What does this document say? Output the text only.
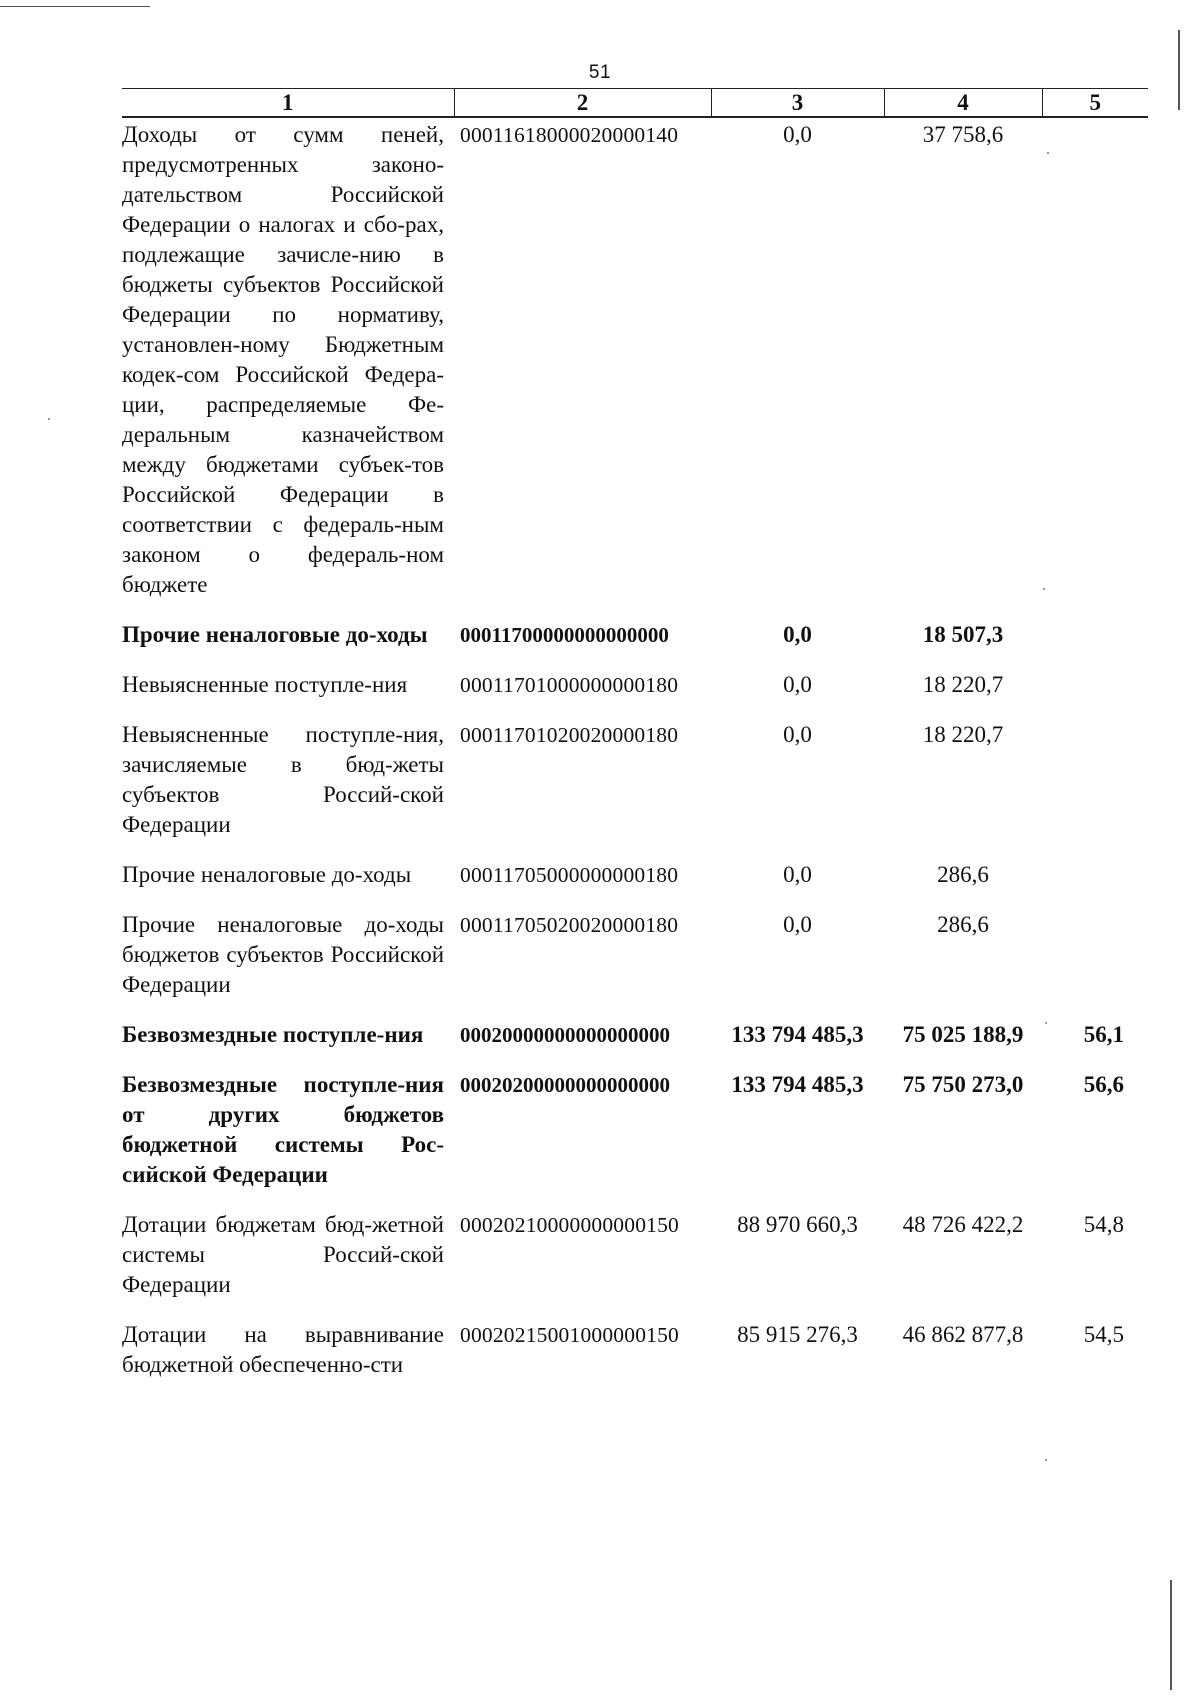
51
1	2	3	4	5
Доходы от сумм пеней, предусмотренных законо-дательством Российской Федерации о налогах и сбо-рах, подлежащие зачисле-нию в бюджеты субъектов Российской Федерации по нормативу, установлен-ному Бюджетным кодек-сом Российской Федера-ции, распределяемые Фе-деральным казначейством между бюджетами субъек-тов Российской Федерации в соответствии с федераль-ным законом о федераль-ном бюджете	00011618000020000140	0,0	37 758,6	
Прочие неналоговые до-ходы	00011700000000000000	0,0	18 507,3	
Невыясненные поступле-ния	00011701000000000180	0,0	18 220,7	
Невыясненные поступле-ния, зачисляемые в бюд-жеты субъектов Россий-ской Федерации	00011701020020000180	0,0	18 220,7	
Прочие неналоговые до-ходы	00011705000000000180	0,0	286,6	
Прочие неналоговые до-ходы бюджетов субъектов Российской Федерации	00011705020020000180	0,0	286,6	
Безвозмездные поступле-ния	00020000000000000000	133 794 485,3	75 025 188,9	56,1
Безвозмездные поступле-ния от других бюджетов бюджетной системы Рос-сийской Федерации	00020200000000000000	133 794 485,3	75 750 273,0	56,6
Дотации бюджетам бюд-жетной системы Россий-ской Федерации	00020210000000000150	88 970 660,3	48 726 422,2	54,8
Дотации на выравнивание бюджетной обеспеченно-сти	00020215001000000150	85 915 276,3	46 862 877,8	54,5
